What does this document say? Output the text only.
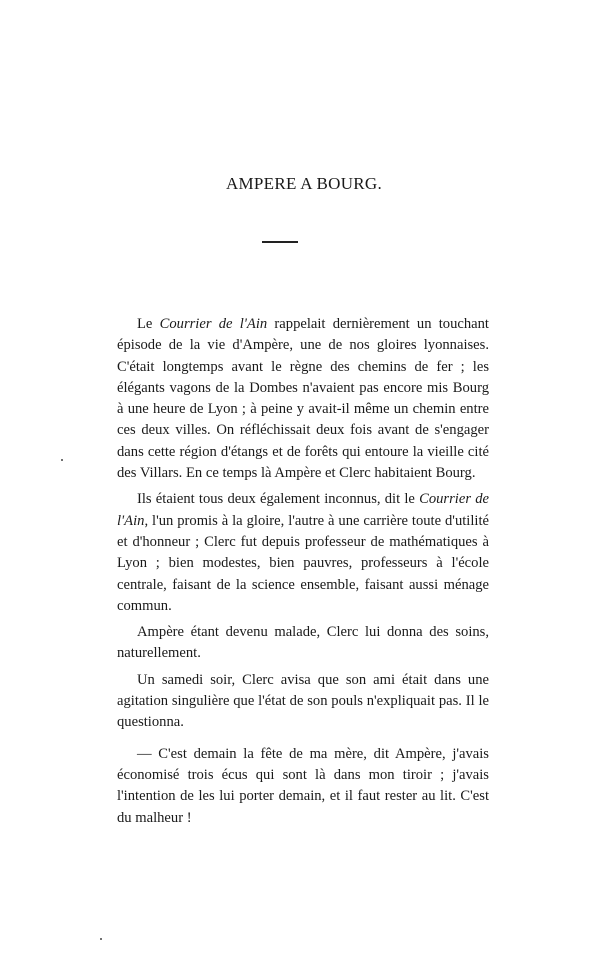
AMPERE A BOURG.

Le Courrier de l'Ain rappelait dernièrement un touchant épisode de la vie d'Ampère, une de nos gloires lyonnaises. C'était longtemps avant le règne des chemins de fer ; les élégants vagons de la Dombes n'avaient pas encore mis Bourg à une heure de Lyon ; à peine y avait-il même un chemin entre ces deux villes. On réfléchissait deux fois avant de s'engager dans cette région d'étangs et de forêts qui entoure la vieille cité des Villars. En ce temps là Ampère et Clerc habitaient Bourg.

Ils étaient tous deux également inconnus, dit le Courrier de l'Ain, l'un promis à la gloire, l'autre à une carrière toute d'utilité et d'honneur ; Clerc fut depuis professeur de mathématiques à Lyon ; bien modestes, bien pauvres, professeurs à l'école centrale, faisant de la science ensemble, faisant aussi ménage commun.

Ampère étant devenu malade, Clerc lui donna des soins, naturellement.

Un samedi soir, Clerc avisa que son ami était dans une agitation singulière que l'état de son pouls n'expliquait pas. Il le questionna.

— C'est demain la fête de ma mère, dit Ampère, j'avais économisé trois écus qui sont là dans mon tiroir ; j'avais l'intention de les lui porter demain, et il faut rester au lit. C'est du malheur !
